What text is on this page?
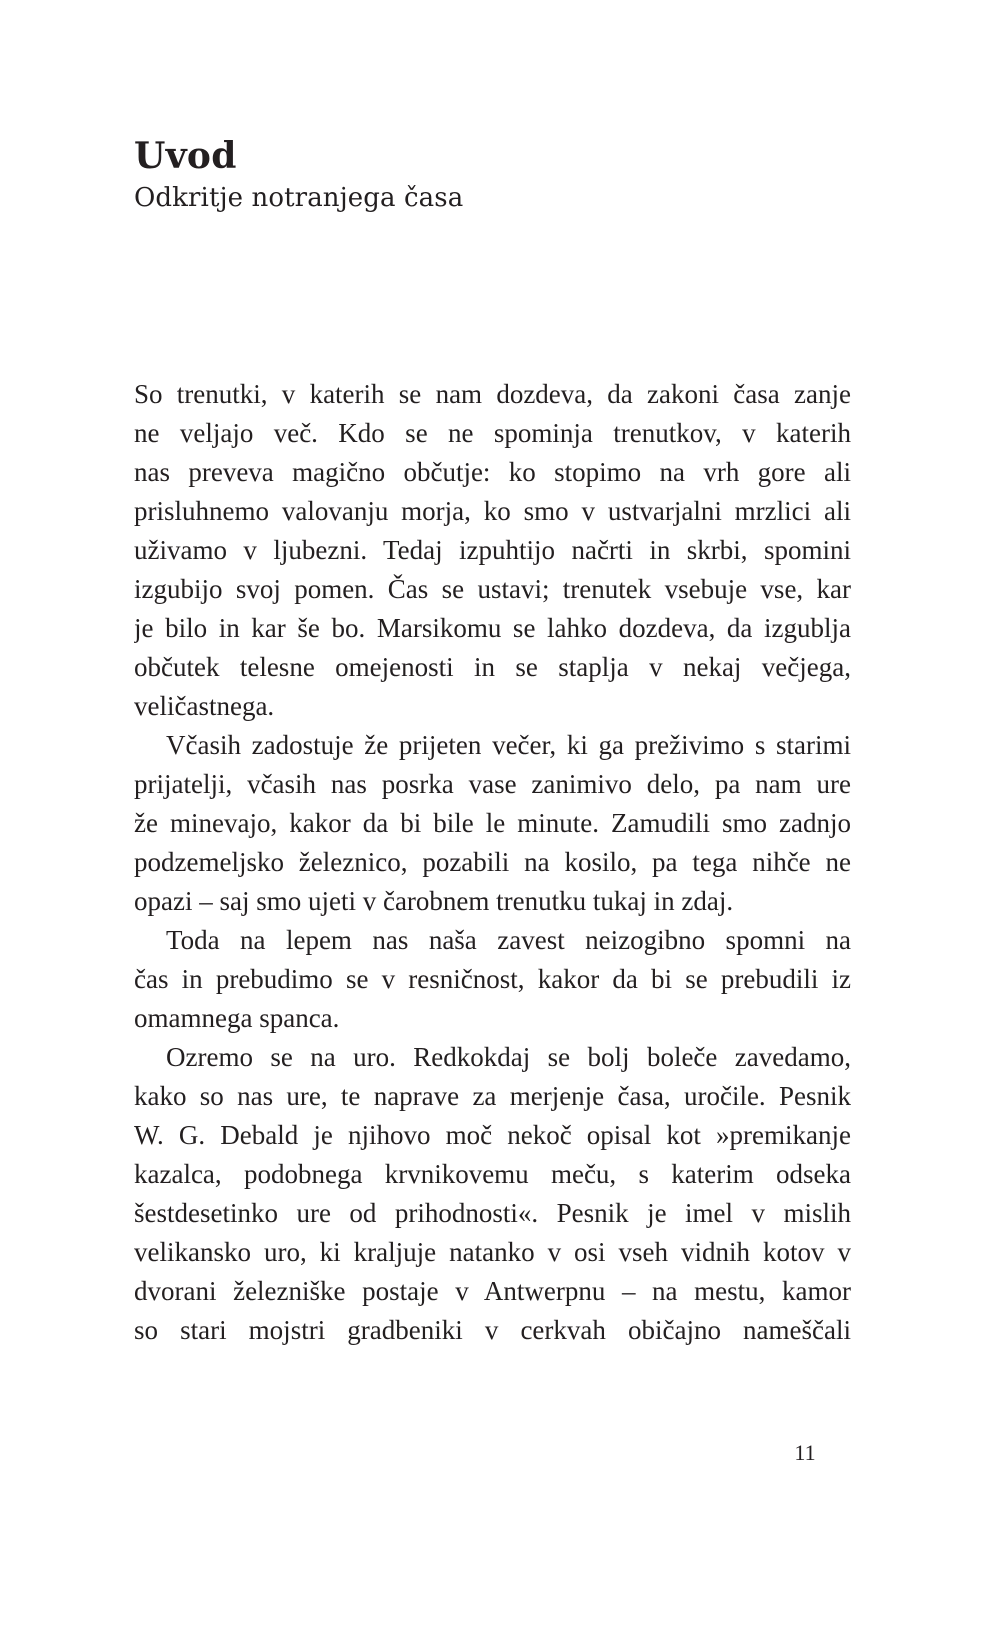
Uvod
Odkritje notranjega časa
So trenutki, v katerih se nam dozdeva, da zakoni časa zanje
ne veljajo več. Kdo se ne spominja trenutkov, v katerih
nas preveva magično občutje: ko stopimo na vrh gore ali
prisluhnemo valovanju morja, ko smo v ustvarjalni mrzlici ali
uživamo v ljubezni. Tedaj izpuhtijo načrti in skrbi, spomini
izgubijo svoj pomen. Čas se ustavi; trenutek vsebuje vse, kar
je bilo in kar še bo. Marsikomu se lahko dozdeva, da izgublja
občutek telesne omejenosti in se staplja v nekaj večjega,
veličastnega.
Včasih zadostuje že prijeten večer, ki ga preživimo s starimi
prijatelji, včasih nas posrka vase zanimivo delo, pa nam ure
že minevajo, kakor da bi bile le minute. Zamudili smo zadnjo
podzemeljsko železnico, pozabili na kosilo, pa tega nihče ne
opazi – saj smo ujeti v čarobnem trenutku tukaj in zdaj.
Toda na lepem nas naša zavest neizogibno spomni na
čas in prebudimo se v resničnost, kakor da bi se prebudili iz
omamnega spanca.
Ozremo se na uro. Redkokdaj se bolj boleče zavedamo,
kako so nas ure, te naprave za merjenje časa, uročile. Pesnik
W. G. Debald je njihovo moč nekoč opisal kot »premikanje
kazalca, podobnega krvnikovemu meču, s katerim odseka
šestdesetinko ure od prihodnosti«. Pesnik je imel v mislih
velikansko uro, ki kraljuje natanko v osi vseh vidnih kotov v
dvorani železniške postaje v Antwerpnu – na mestu, kamor
so stari mojstri gradbeniki v cerkvah običajno nameščali
11
